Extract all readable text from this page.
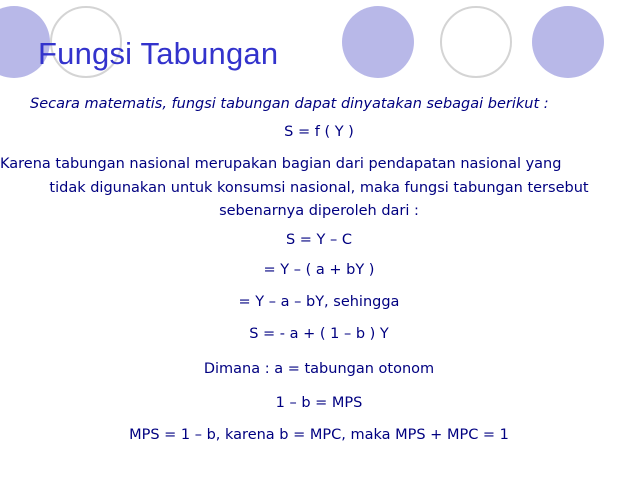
Fungsi Tabungan
Secara matematis, fungsi tabungan dapat dinyatakan sebagai berikut :
S = f ( Y )
Karena tabungan nasional merupakan bagian dari pendapatan nasional yang
tidak digunakan untuk konsumsi nasional, maka fungsi tabungan tersebut
sebenarnya diperoleh dari :
S = Y – C
= Y – ( a + bY )
= Y – a – bY, sehingga
S = - a + ( 1 – b ) Y
Dimana : a = tabungan otonom
1 – b = MPS
MPS = 1 – b, karena b = MPC, maka MPS + MPC = 1
